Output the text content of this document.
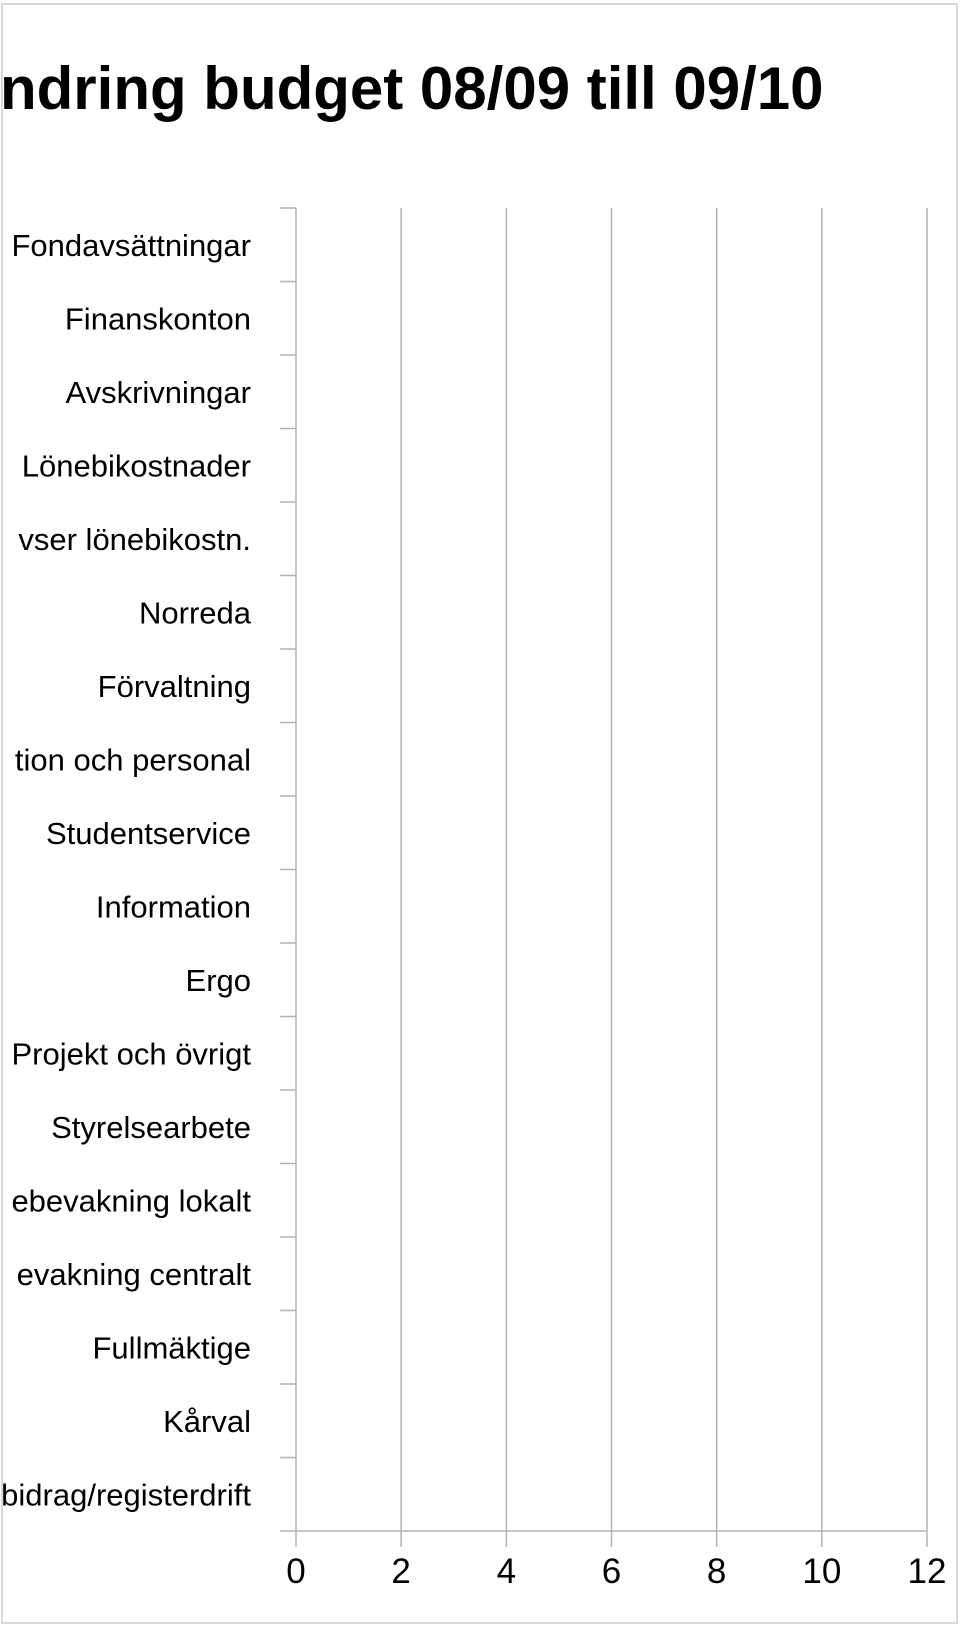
ndring budget 08/09 till 09/10
Fondavsättningar
Finanskonton
Avskrivningar
Lönebikostnader
vser lönebikostn.
Norreda
Förvaltning
tion och personal
Studentservice
Information
Ergo
Projekt och övrigt
Styrelsearbete
ebevakning lokalt
evakning centralt
Fullmäktige
Kårval
bidrag/registerdrift
0 2 4 6 8 10 12
